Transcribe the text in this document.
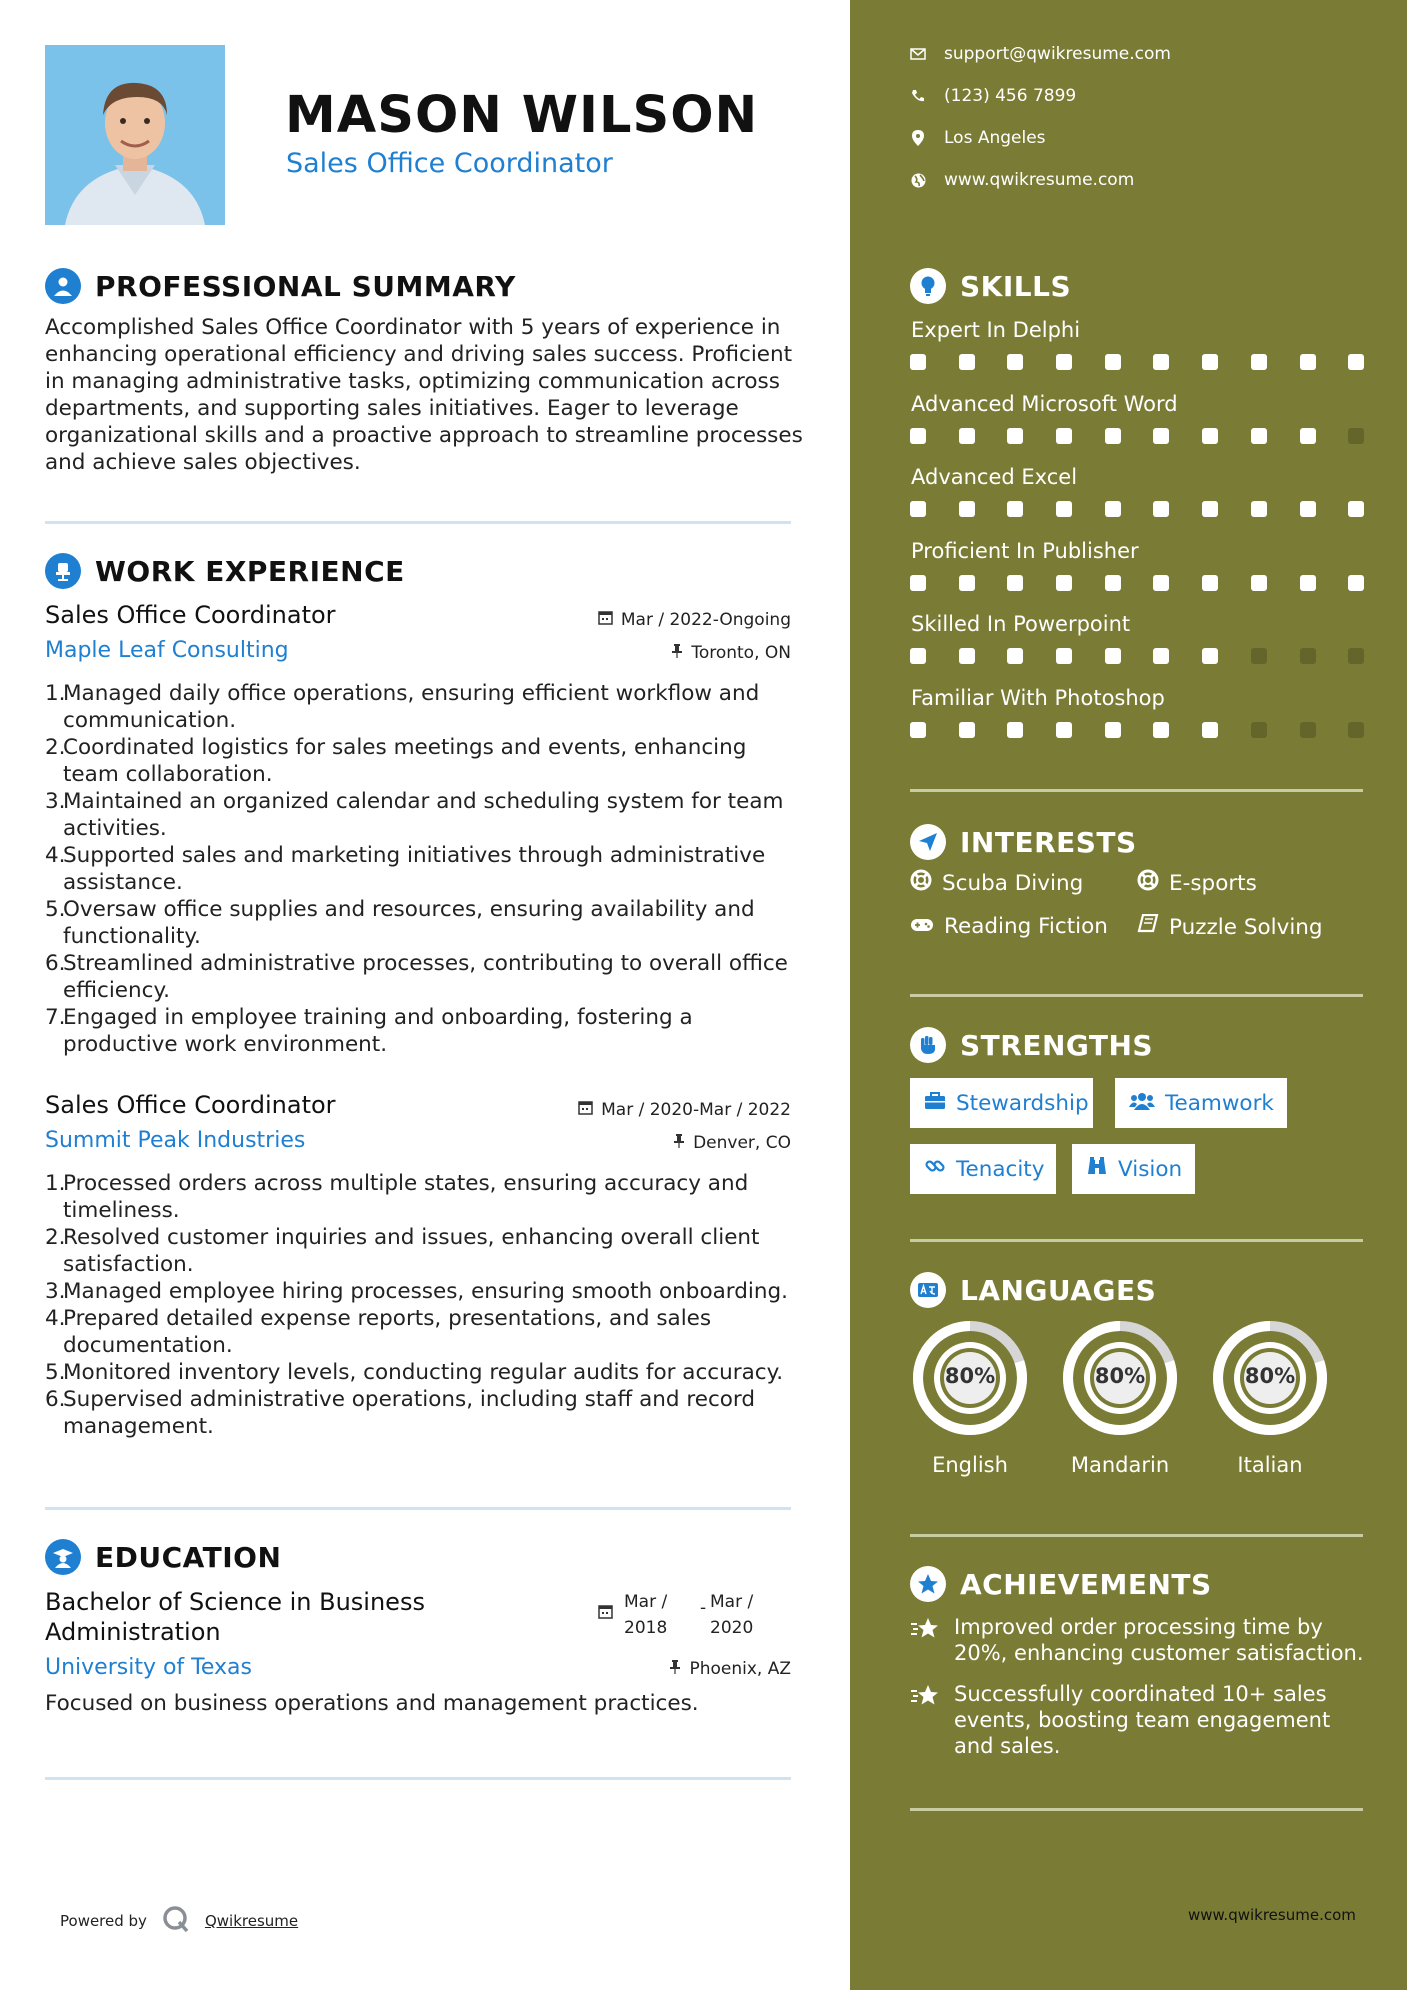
MASON WILSON
Sales Office Coordinator
PROFESSIONAL SUMMARY
Accomplished Sales Office Coordinator with 5 years of experience in enhancing operational efficiency and driving sales success. Proficient in managing administrative tasks, optimizing communication across departments, and supporting sales initiatives. Eager to leverage organizational skills and a proactive approach to streamline processes and achieve sales objectives.
WORK EXPERIENCE
Sales Office Coordinator	Mar / 2022-Ongoing
Maple Leaf Consulting	Toronto, ON
1.
Managed daily office operations, ensuring efficient workflow and communication.
2.
Coordinated logistics for sales meetings and events, enhancing team collaboration.
3.
Maintained an organized calendar and scheduling system for team activities.
4.
Supported sales and marketing initiatives through administrative assistance.
5.
Oversaw office supplies and resources, ensuring availability and functionality.
6.
Streamlined administrative processes, contributing to overall office efficiency.
7.
Engaged in employee training and onboarding, fostering a productive work environment.
Sales Office Coordinator	Mar / 2020-Mar / 2022
Summit Peak Industries	Denver, CO
1.
Processed orders across multiple states, ensuring accuracy and timeliness.
2.
Resolved customer inquiries and issues, enhancing overall client satisfaction.
3.
Managed employee hiring processes, ensuring smooth onboarding.
4.
Prepared detailed expense reports, presentations, and sales documentation.
5.
Monitored inventory levels, conducting regular audits for accuracy.
6.
Supervised administrative operations, including staff and record management.
EDUCATION
Bachelor of Science in Business
Administration
Mar /
2018
- Mar /
2020
University of Texas	Phoenix, AZ
Focused on business operations and management practices.
Powered by	Qwikresume
support@qwikresume.com
(123) 456 7899
Los Angeles
www.qwikresume.com
SKILLS
Expert In Delphi
Advanced Microsoft Word
Advanced Excel
Proficient In Publisher
Skilled In Powerpoint
Familiar With Photoshop
INTERESTS
Scuba Diving	E-sports
Reading Fiction	Puzzle Solving
STRENGTHS
Stewardship	Teamwork
Tenacity	Vision
LANGUAGES
80%
English
80%
Mandarin
80%
Italian
ACHIEVEMENTS
Improved order processing time by 20%, enhancing customer satisfaction.
Successfully coordinated 10+ sales events, boosting team engagement and sales.
www.qwikresume.com
